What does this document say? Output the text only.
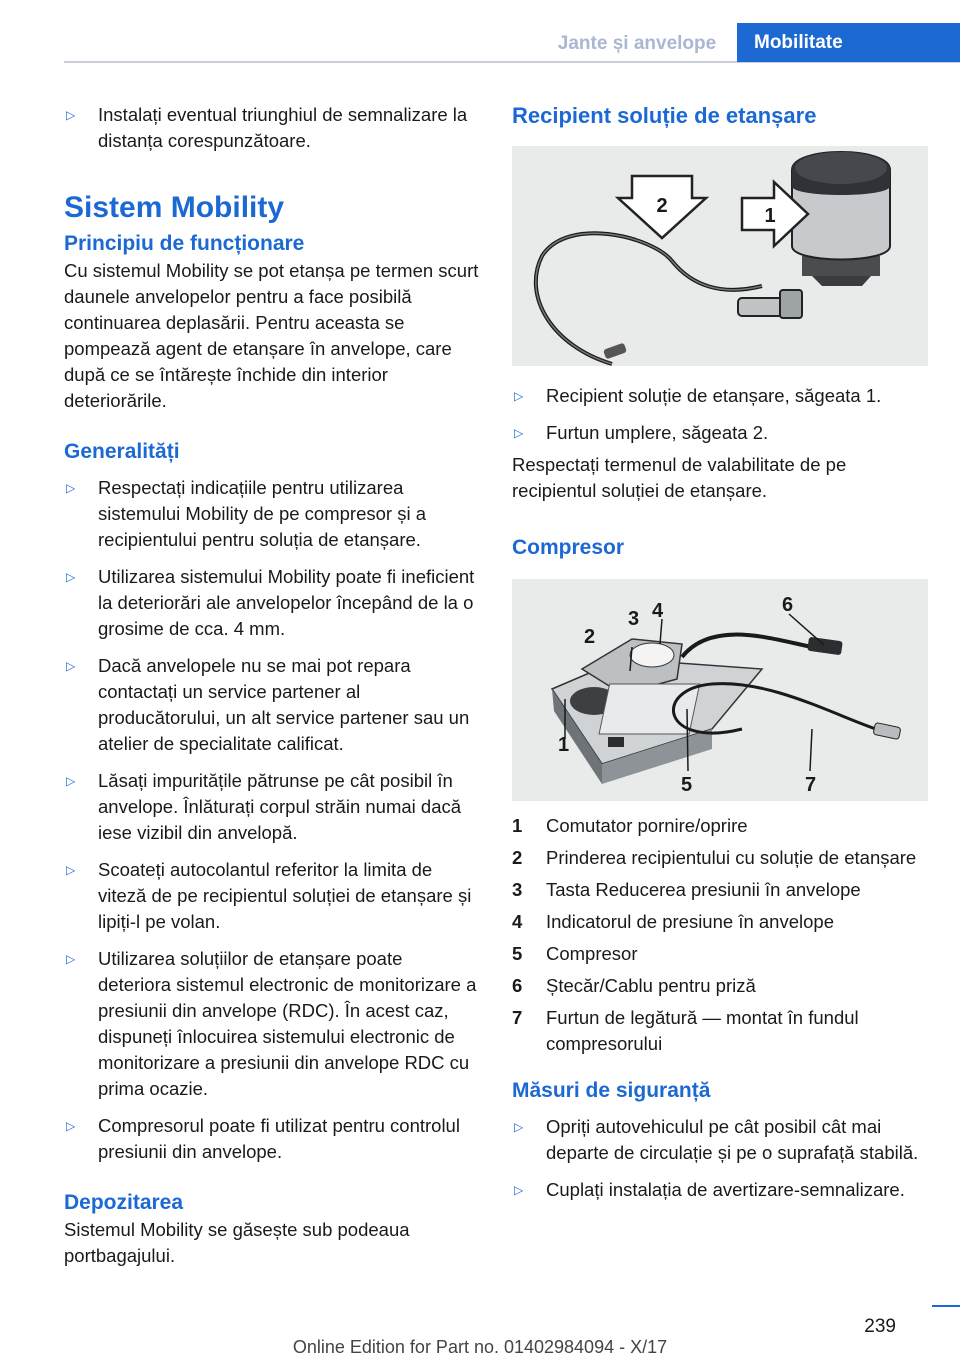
Jante și anvelope	Mobilitate
▷ Instalați eventual triunghiul de semnalizare la distanța corespunzătoare.
Sistem Mobility
Principiu de funcționare

Cu sistemul Mobility se pot etanșa pe termen scurt daunele anvelopelor pentru a face posibilă continuarea deplasării. Pentru aceasta se pompează agent de etanșare în anvelope, care după ce se întărește închide din interior deteriorările.

Generalități
▷ Respectați indicațiile pentru utilizarea sistemului Mobility de pe compresor și a recipientului pentru soluția de etanșare.
▷ Utilizarea sistemului Mobility poate fi ineficient la deteriorări ale anvelopelor începând de la o grosime de cca. 4 mm.
▷ Dacă anvelopele nu se mai pot repara contactați un service partener al producătorului, un alt service partener sau un atelier de specialitate calificat.
▷ Lăsați impuritățile pătrunse pe cât posibil în anvelope. Înlăturați corpul străin numai dacă iese vizibil din anvelopă.
▷ Scoateți autocolantul referitor la limita de viteză de pe recipientul soluției de etanșare și lipiți-l pe volan.
▷ Utilizarea soluțiilor de etanșare poate deteriora sistemul electronic de monitorizare a presiunii din anvelope (RDC). În acest caz, dispuneți înlocuirea sistemului electronic de monitorizare a presiunii din anvelope RDC cu prima ocazie.
▷ Compresorul poate fi utilizat pentru controlul presiunii din anvelope.
Depozitarea

Sistemul Mobility se găsește sub podeaua portbagajului.

Recipient soluție de etanșare
2	1
▷ Recipient soluție de etanșare, săgeata 1.
▷ Furtun umplere, săgeata 2.

Respectați termenul de valabilitate de pe recipientul soluției de etanșare.

Compresor
1
2
3 4
5
6
7
1 Comutator pornire/oprire
2 Prinderea recipientului cu soluție de etanșare
3 Tasta Reducerea presiunii în anvelope
4 Indicatorul de presiune în anvelope
5 Compresor
6 Ștecăr/Cablu pentru priză
7 Furtun de legătură — montat în fundul compresorului
Măsuri de siguranță
▷ Opriți autovehiculul pe cât posibil cât mai departe de circulație și pe o suprafață stabilă.
▷ Cuplați instalația de avertizare-semnalizare.
239
Online Edition for Part no. 01402984094 - X/17
